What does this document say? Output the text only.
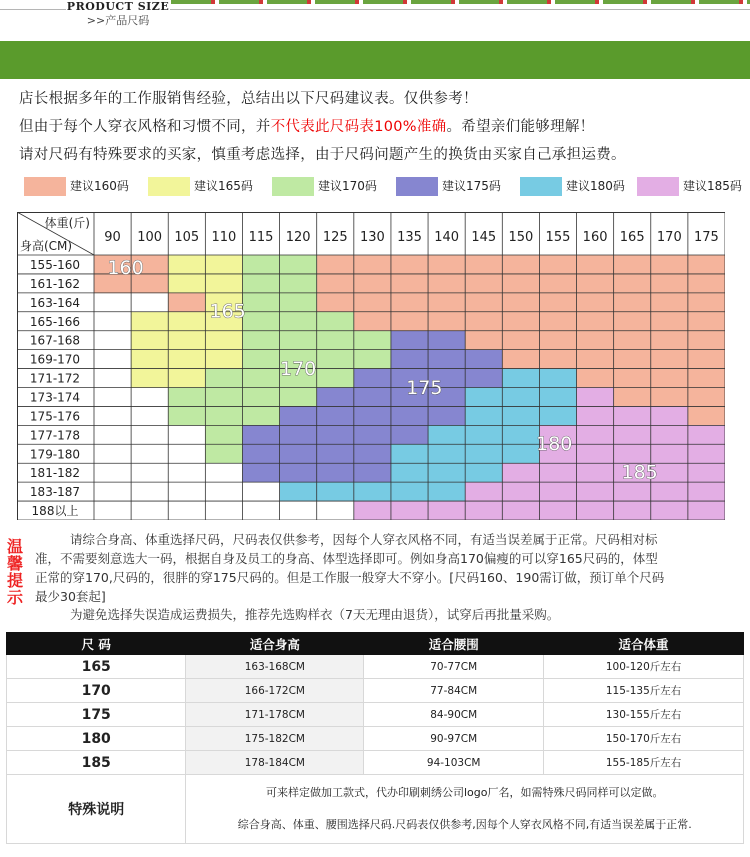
PRODUCT SIZE
>>产品尺码
店长根据多年的工作服销售经验，总结出以下尺码建议表。仅供参考！
但由于每个人穿衣风格和习惯不同，并不代表此尺码表100%准确。希望亲们能够理解！
请对尺码有特殊要求的买家，慎重考虑选择，由于尺码问题产生的换货由买家自己承担运费。
建议160码	建议165码	建议170码	建议175码	建议180码	建议185码
体重(斤)
身高(CM)
90 100 105 110 115 120 125 130 135 140 145 150 155 160 165 170 175
155-160
161-162
163-164
165-166
167-168
169-170
171-172
173-174
175-176
177-178
179-180
181-182
183-187
188以上
160
165
170
175
180
185
温馨提示
请综合身高、体重选择尺码，尺码表仅供参考，因每个人穿衣风格不同，有适当误差属于正常。尺码相对标
准，不需要刻意选大一码，根据自身及员工的身高、体型选择即可。例如身高170偏瘦的可以穿165尺码的，体型
正常的穿170,尺码的，很胖的穿175尺码的。但是工作服一般穿大不穿小。[尺码160、190需订做，预订单个尺码
最少30套起]
为避免选择失误造成运费损失，推荐先选购样衣（7天无理由退货），试穿后再批量采购。
尺 码	适合身高	适合腰围	适合体重
165	163-168CM	70-77CM	100-120斤左右
170	166-172CM	77-84CM	115-135斤左右
175	171-178CM	84-90CM	130-155斤左右
180	175-182CM	90-97CM	150-170斤左右
185	178-184CM	94-103CM	155-185斤左右
特殊说明	可来样定做加工款式，代办印刷刺绣公司logo厂名，如需特殊尺码同样可以定做。
综合身高、体重、腰围选择尺码.尺码表仅供参考,因每个人穿衣风格不同,有适当误差属于正常.		
